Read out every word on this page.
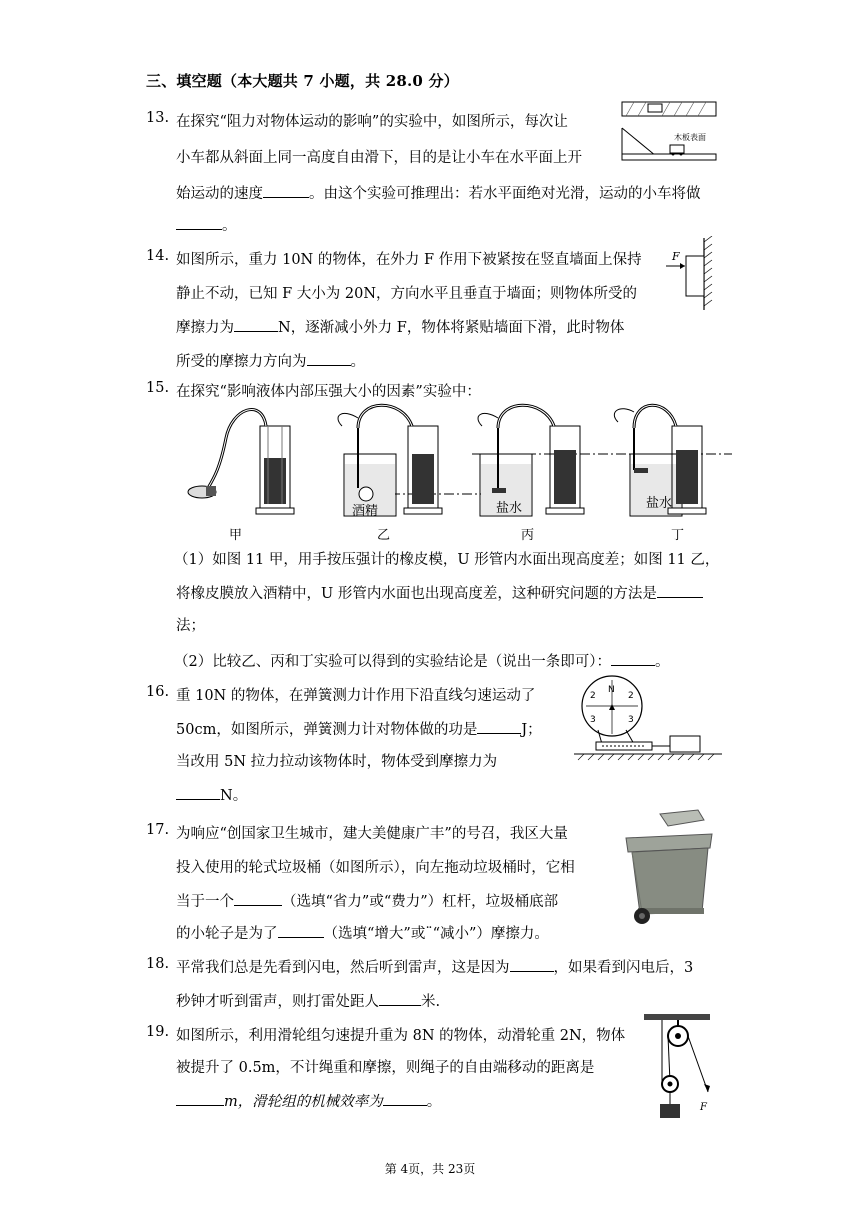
三、填空题（本大题共 7 小题，共 28.0 分）
13. 在探究“阻力对物体运动的影响”的实验中，如图所示，每次让
小车都从斜面上同一高度自由滑下，目的是让小车在水平面上开
始运动的速度	。由这个实验可推理出：若水平面绝对光滑，运动的小车将做
。
木板表面
14. 如图所示，重力 10N 的物体，在外力 F 作用下被紧按在竖直墙面上保持
静止不动，已知 F 大小为 20N，方向水平且垂直于墙面；则物体所受的
摩擦力为	N，逐渐减小外力 F，物体将紧贴墙面下滑，此时物体
所受的摩擦力方向为	。
F
15. 在探究“影响液体内部压强大小的因素”实验中：
酒精	盐水	盐水
甲	乙	丙	丁
（1）如图 11 甲，用手按压强计的橡皮模，U 形管内水面出现高度差；如图 11 乙，
将橡皮膜放入酒精中，U 形管内水面也出现高度差，这种研究问题的方法是
法；
（2）比较乙、丙和丁实验可以得到的实验结论是（说出一条即可）：	。
16. 重 10N 的物体，在弹簧测力计作用下沿直线匀速运动了
50cm，如图所示，弹簧测力计对物体做的功是	J；
当改用 5N 拉力拉动该物体时，物体受到摩擦力为
N。
2
N
2
3	3
17. 为响应“创国家卫生城市，建大美健康广丰”的号召，我区大量
投入使用的轮式垃圾桶（如图所示），向左拖动垃圾桶时，它相
当于一个	（选填“省力”或“费力”）杠杆，垃圾桶底部
的小轮子是为了	（选填“增大”或¨“减小”）摩擦力。
18. 平常我们总是先看到闪电，然后听到雷声，这是因为	，如果看到闪电后，3
秒钟才听到雷声，则打雷处距人	米.
19. 如图所示，利用滑轮组匀速提升重为 8N 的物体，动滑轮重 2N，物体
被提升了 0.5m，不计绳重和摩擦，则绳子的自由端移动的距离是
m，滑轮组的机械效率为	。	F
第 4页，共 23页
